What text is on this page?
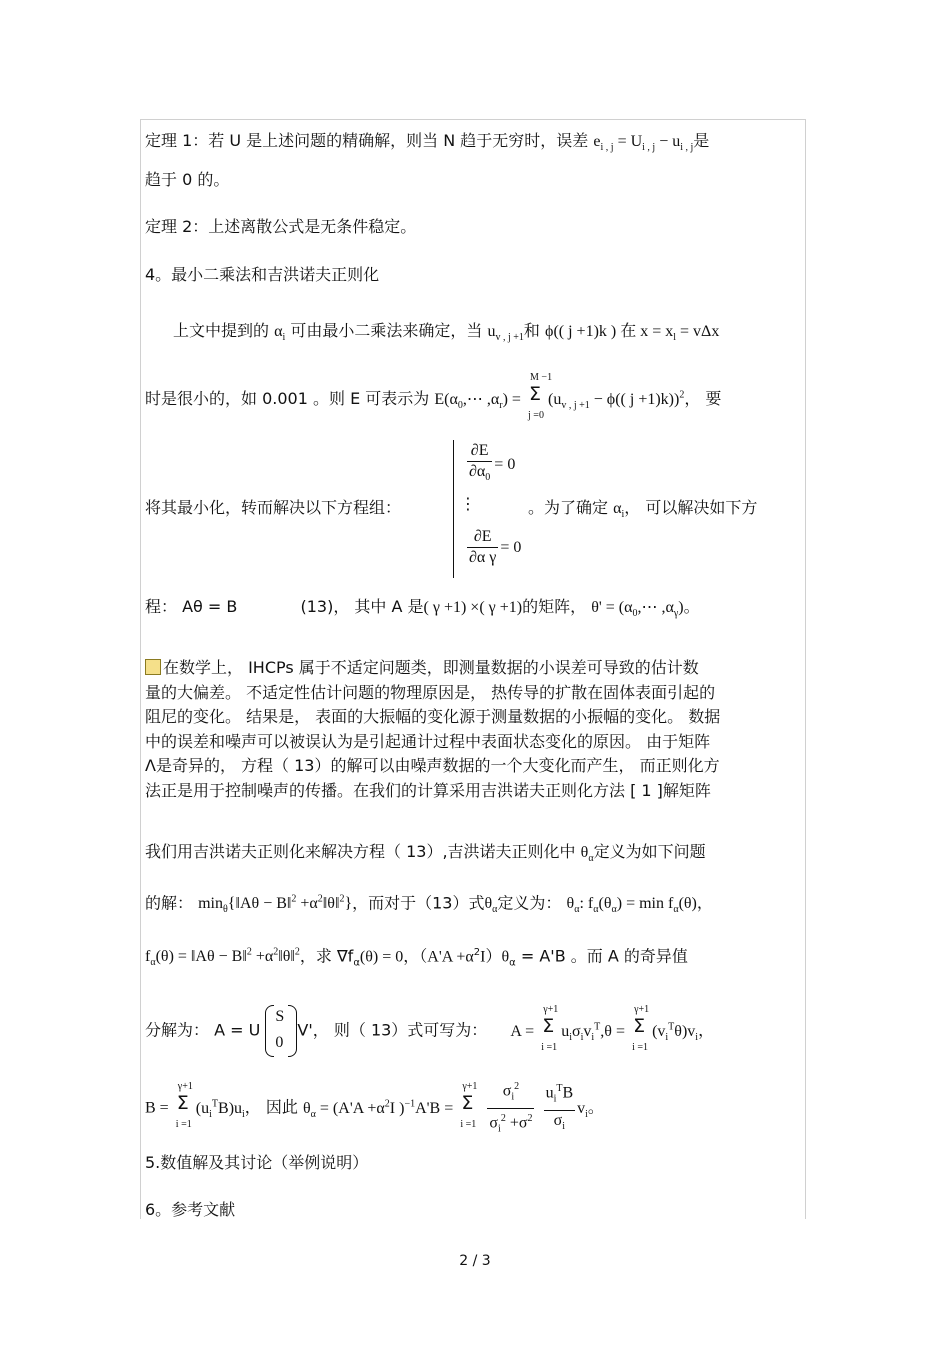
定理 1：若 U 是上述问题的精确解，则当 N 趋于无穷时，误差 $e_{i , j} = U_{i , j} - u_{i , j}$是
趋于 0 的。
定理 2：上述离散公式是无条件稳定。
4。最小二乘法和吉洪诺夫正则化
上文中提到的 $\alpha_i$ 可由最小二乘法来确定，当 $u_{v , j +1}$和 ϕ(( j +1)k ) 在 $x = x_l = v\Delta x$
时是很小的，如 0.001 。则 E 可表示为 $E(\alpha_0,\cdots$ $,\alpha_r) = \Sigma$
M −1
j =0
($u_{v , j +1} - \phi$(( j +1)k))$^2$， 要
$\frac{\partial E}{\partial\alpha_0} = 0$
⋮
$\frac{\partial E}{\text{∂α γ}} = 0$
将其最小化，转而解决以下方程组：	。为了确定 $\alpha_i$， 可以解决如下方
程： Aθ = B	(13)， 其中 A 是( γ +1) ×( γ +1)的矩阵， $\theta' = (\alpha_0,\cdots$ $,\alpha_\gamma$)。
在数学上， IHCPs 属于不适定问题类，即测量数据的小误差可导致的估计数
量的大偏差。 不适定性估计问题的物理原因是， 热传导的扩散在固体表面引起的
阻尼的变化。 结果是， 表面的大振幅的变化源于测量数据的小振幅的变化。 数据
中的误差和噪声可以被误认为是引起通计过程中表面状态变化的原因。 由于矩阵
Λ是奇异的， 方程（ 13）的解可以由噪声数据的一个大变化而产生， 而正则化方
法正是用于控制噪声的传播。在我们的计算采用吉洪诺夫正则化方法 [ 1 ]解矩阵
我们用吉洪诺夫正则化来解决方程（ 13）,吉洪诺夫正则化中 $\theta_\alpha$定义为如下问题
的解： $\min_\theta\{‖A\theta$ − B‖$^2$ $+\alpha^2‖\theta‖^2$}，而对于（13）式$\theta_\alpha$定义为： $\theta_\alpha$: $f_\alpha(\theta_\alpha) = \min f_\alpha(\theta)$，
$f_\alpha(\theta)$ = ‖Aθ − B‖$^2$ $+\alpha^2‖\theta‖^2$，求 $\nabla f_\alpha(\theta) = 0$，$(A'A +\alpha^2I)\theta_\alpha = A'B$ 。而 A 的奇异值
分解为： A = U
S
0
V'， 则（ 13）式可写为： A = Σ
γ+1
i =1
$u_i\sigma_iv_i^T,\theta = \Sigma$
γ+1
i =1
$(v_i^T\theta)v_i$，
B = Σ
γ+1
i =1
$(u_i^TB)u_i$， 因此 $\theta_\alpha = (A'A +\alpha^2I$ )$^{-1}$A'B = Σ
γ+1
i =1
$\frac{\sigma_i^2}{\sigma_i^2 +\sigma^2}$
$u_i^TB$
$\sigma_i$
$v_i$。
5.数值解及其讨论（举例说明）
6。参考文献
2 / 3
